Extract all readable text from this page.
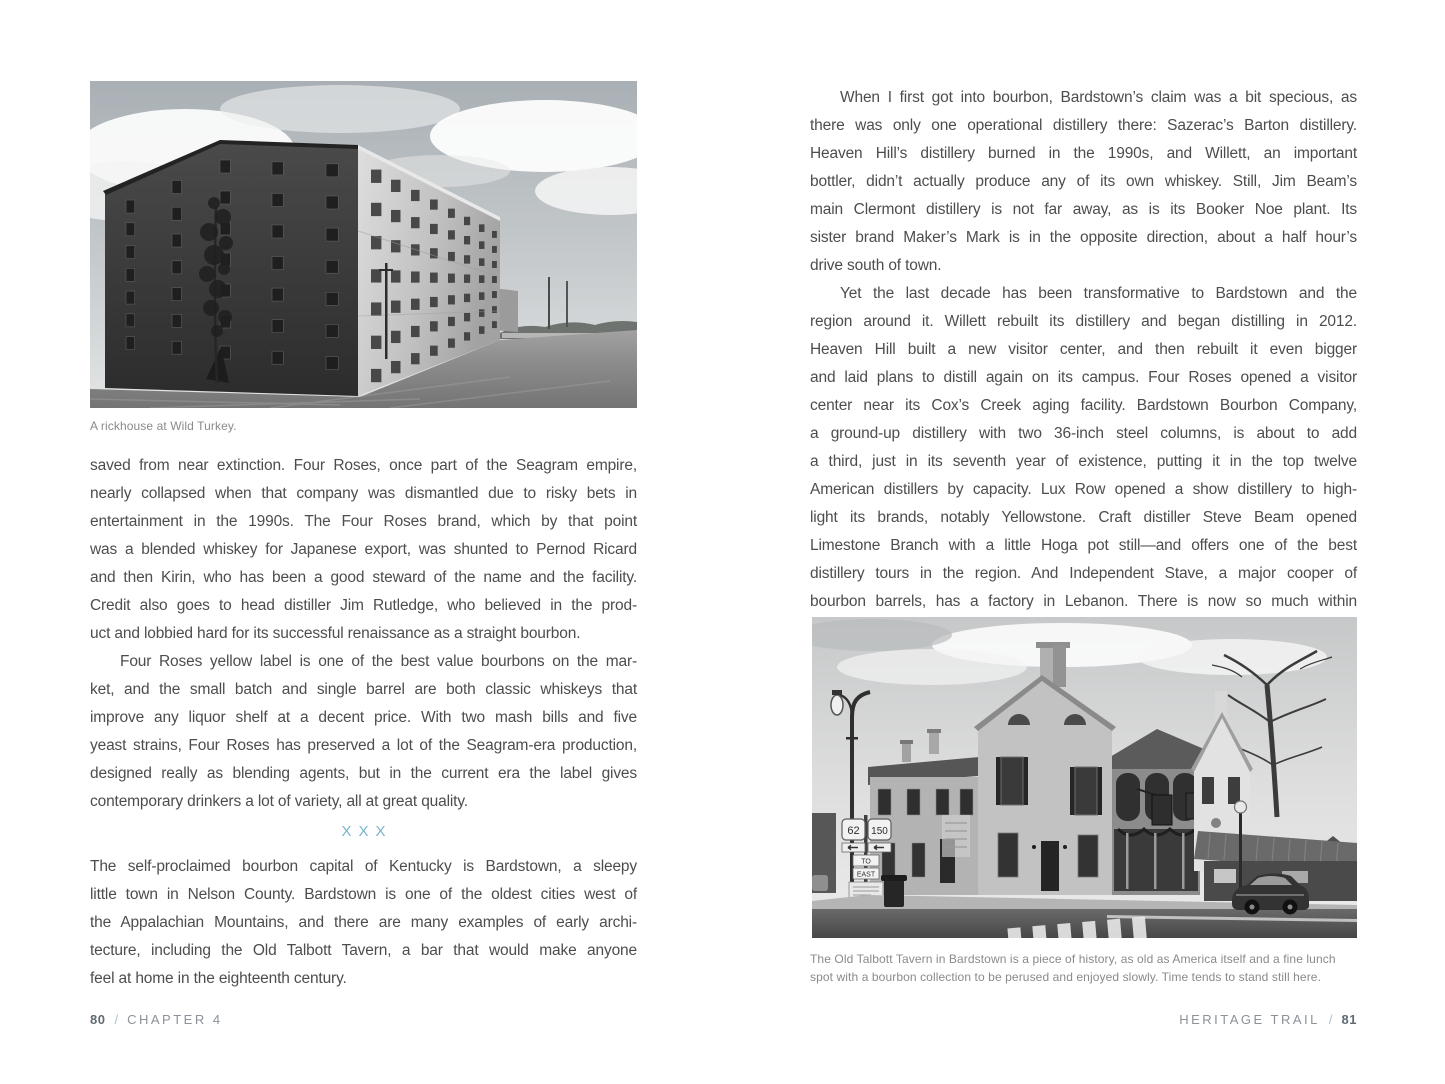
A rickhouse at Wild Turkey.
saved from near extinction. Four Roses, once part of the Seagram empire,
nearly collapsed when that company was dismantled due to risky bets in
entertainment in the 1990s. The Four Roses brand, which by that point
was a blended whiskey for Japanese export, was shunted to Pernod Ricard
and then Kirin, who has been a good steward of the name and the facility.
Credit also goes to head distiller Jim Rutledge, who believed in the prod-
uct and lobbied hard for its successful renaissance as a straight bourbon.
Four Roses yellow label is one of the best value bourbons on the mar-
ket, and the small batch and single barrel are both classic whiskeys that
improve any liquor shelf at a decent price. With two mash bills and five
yeast strains, Four Roses has preserved a lot of the Seagram-era production,
designed really as blending agents, but in the current era the label gives
contemporary drinkers a lot of variety, all at great quality.
XXX
The self-proclaimed bourbon capital of Kentucky is Bardstown, a sleepy
little town in Nelson County. Bardstown is one of the oldest cities west of
the Appalachian Mountains, and there are many examples of early archi-
tecture, including the Old Talbott Tavern, a bar that would make anyone
feel at home in the eighteenth century.
80 / CHAPTER 4
When I first got into bourbon, Bardstown’s claim was a bit specious, as
there was only one operational distillery there: Sazerac’s Barton distillery.
Heaven Hill’s distillery burned in the 1990s, and Willett, an important
bottler, didn’t actually produce any of its own whiskey. Still, Jim Beam’s
main Clermont distillery is not far away, as is its Booker Noe plant. Its
sister brand Maker’s Mark is in the opposite direction, about a half hour’s
drive south of town.
Yet the last decade has been transformative to Bardstown and the
region around it. Willett rebuilt its distillery and began distilling in 2012.
Heaven Hill built a new visitor center, and then rebuilt it even bigger
and laid plans to distill again on its campus. Four Roses opened a visitor
center near its Cox’s Creek aging facility. Bardstown Bourbon Company,
a ground-up distillery with two 36-inch steel columns, is about to add
a third, just in its seventh year of existence, putting it in the top twelve
American distillers by capacity. Lux Row opened a show distillery to high-
light its brands, notably Yellowstone. Craft distiller Steve Beam opened
Limestone Branch with a little Hoga pot still—and offers one of the best
distillery tours in the region. And Independent Stave, a major cooper of
bourbon barrels, has a factory in Lebanon. There is now so much within
62 150
TO
EAST
The Old Talbott Tavern in Bardstown is a piece of history, as old as America itself and a fine lunch
spot with a bourbon collection to be perused and enjoyed slowly. Time tends to stand still here.
HERITAGE TRAIL / 81
